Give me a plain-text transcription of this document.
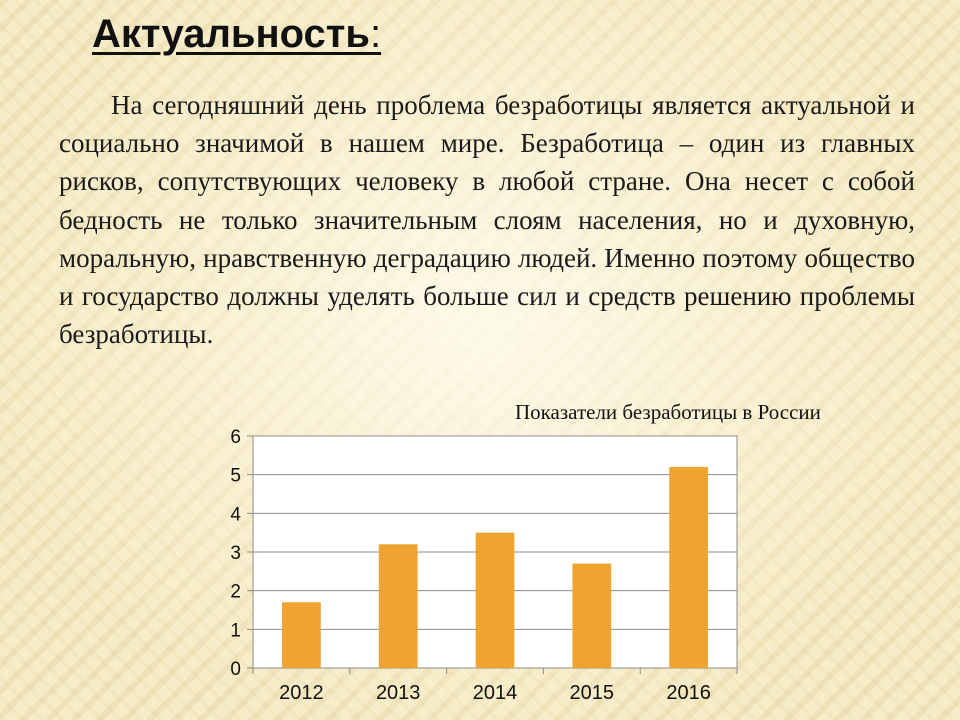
Актуальность:

На сегодняшний день проблема безработицы является актуальной и социально значимой в нашем мире. Безработица – один из главных рисков, сопутствующих человеку в любой стране. Она несет с собой бедность не только значительным слоям населения, но и духовную, моральную, нравственную деградацию людей. Именно поэтому общество и государство должны уделять больше сил и средств решению проблемы безработицы.

Показатели безработицы в России
0
1
2
3
4
5
6
2012	2013	2014	2015	2016
